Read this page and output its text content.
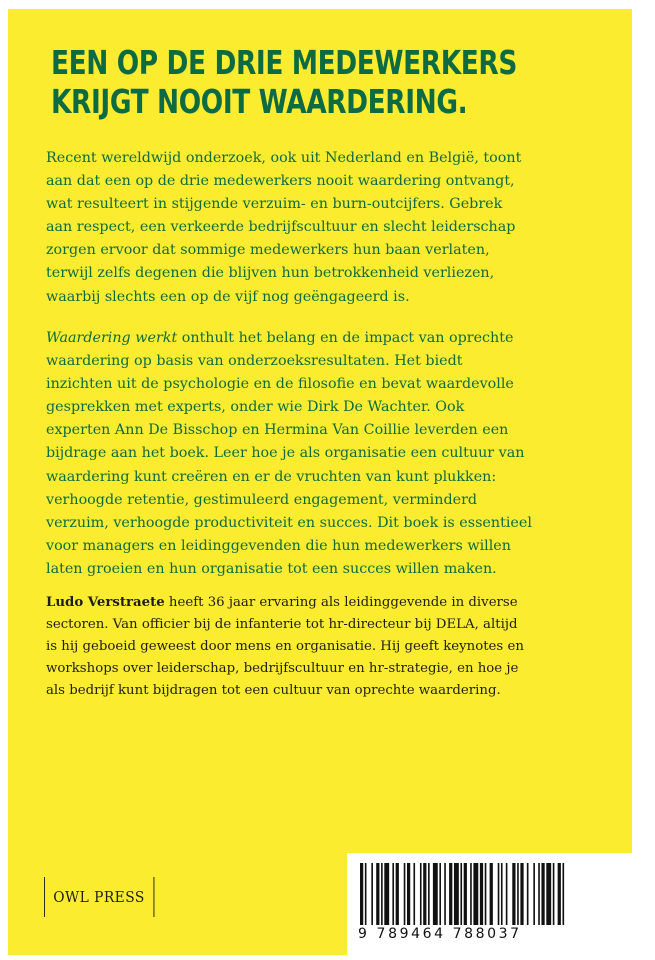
EEN OP DE DRIE MEDEWERKERS
KRIJGT NOOIT WAARDERING.
Recent wereldwijd onderzoek, ook uit Nederland en België, toont
aan dat een op de drie medewerkers nooit waardering ontvangt,
wat resulteert in stijgende verzuim- en burn-outcijfers. Gebrek
aan respect, een verkeerde bedrijfscultuur en slecht leiderschap
zorgen ervoor dat sommige medewerkers hun baan verlaten,
terwijl zelfs degenen die blijven hun betrokkenheid verliezen,
waarbij slechts een op de vijf nog geëngageerd is.
Waardering werkt onthult het belang en de impact van oprechte
waardering op basis van onderzoeksresultaten. Het biedt
inzichten uit de psychologie en de filosofie en bevat waardevolle
gesprekken met experts, onder wie Dirk De Wachter. Ook
experten Ann De Bisschop en Hermina Van Coillie leverden een
bijdrage aan het boek. Leer hoe je als organisatie een cultuur van
waardering kunt creëren en er de vruchten van kunt plukken:
verhoogde retentie, gestimuleerd engagement, verminderd
verzuim, verhoogde productiviteit en succes. Dit boek is essentieel
voor managers en leidinggevenden die hun medewerkers willen
laten groeien en hun organisatie tot een succes willen maken.
Ludo Verstraete heeft 36 jaar ervaring als leidinggevende in diverse
sectoren. Van officier bij de infanterie tot hr-directeur bij DELA, altijd
is hij geboeid geweest door mens en organisatie. Hij geeft keynotes en
workshops over leiderschap, bedrijfscultuur en hr-strategie, en hoe je
als bedrijf kunt bijdragen tot een cultuur van oprechte waardering.
OWL PRESS
9 789464 788037
